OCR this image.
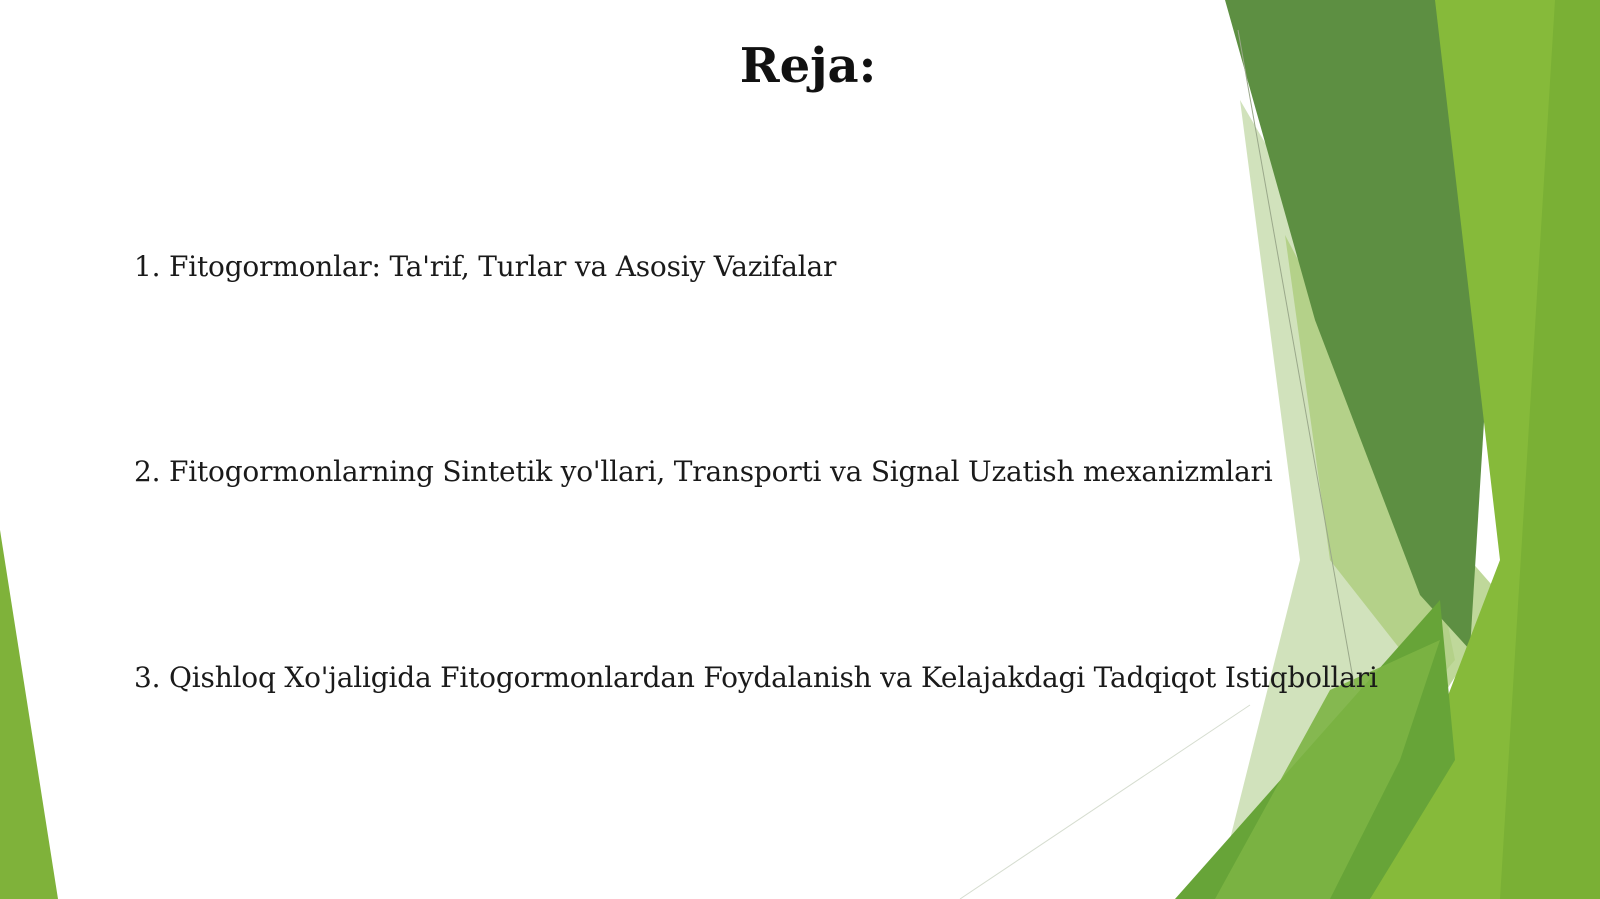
Reja:
1. Fitogormonlar: Ta'rif, Turlar va Asosiy Vazifalar
2. Fitogormonlarning Sintetik yo'llari, Transporti va Signal Uzatish mexanizmlari
3. Qishloq Xo'jaligida Fitogormonlardan Foydalanish va Kelajakdagi Tadqiqot Istiqbollari
